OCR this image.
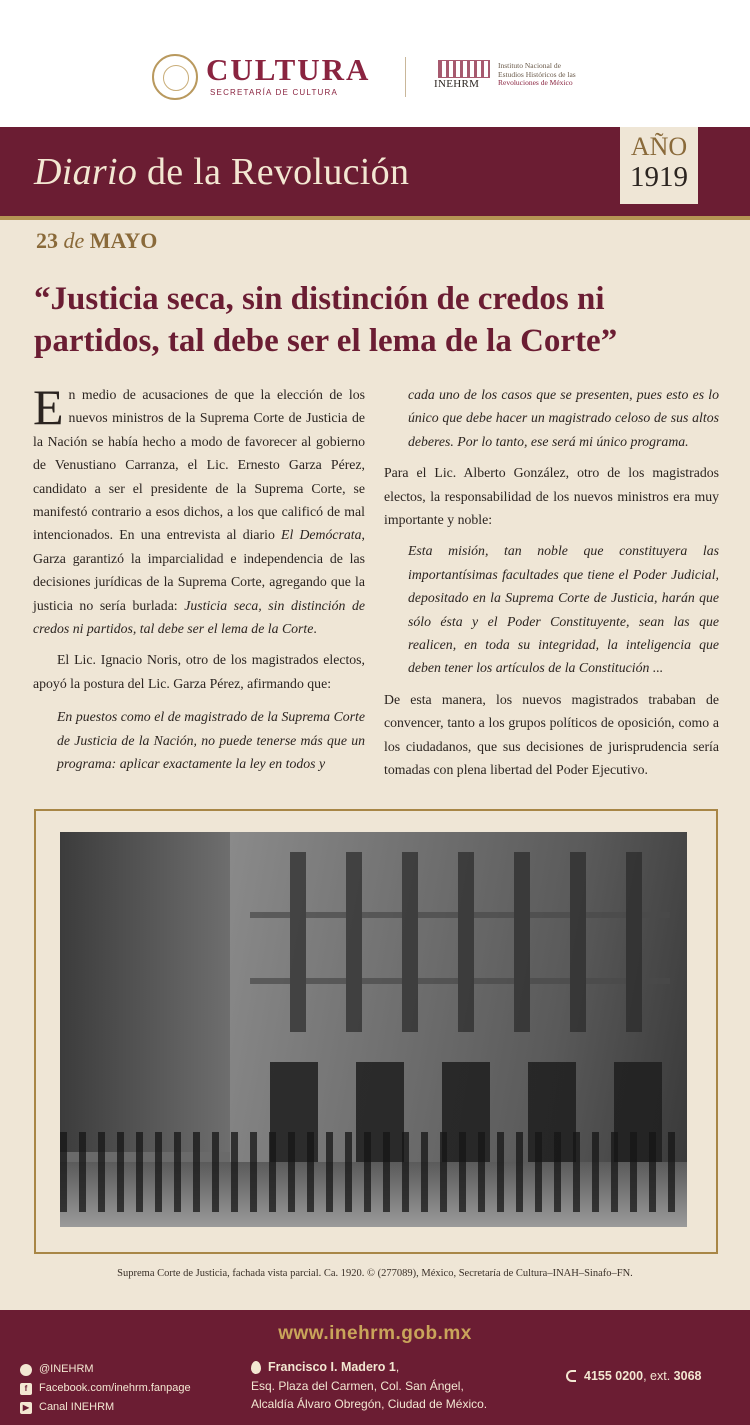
CULTURA
SECRETARÍA DE CULTURA
INEHRM
Instituto Nacional de
Estudios Históricos de las
Revoluciones de México
Diario de la Revolución
AÑO
1919
23 de MAYO
“Justicia seca, sin distinción de credos ni partidos, tal debe ser el lema de la Corte”

En medio de acusaciones de que la elección de los nuevos ministros de la Suprema Corte de Justicia de la Nación se había hecho a modo de favorecer al gobierno de Venustiano Carranza, el Lic. Ernesto Garza Pérez, candidato a ser el presidente de la Suprema Corte, se manifestó contrario a esos dichos, a los que calificó de mal intencionados. En una entrevista al diario El Demócrata, Garza garantizó la imparcialidad e independencia de las decisiones jurídicas de la Suprema Corte, agregando que la justicia no sería burlada: Justicia seca, sin distinción de credos ni partidos, tal debe ser el lema de la Corte.

El Lic. Ignacio Noris, otro de los magistrados electos, apoyó la postura del Lic. Garza Pérez, afirmando que:

En puestos como el de magistrado de la Suprema Corte de Justicia de la Nación, no puede tenerse más que un programa: aplicar exactamente la ley en todos y

cada uno de los casos que se presenten, pues esto es lo único que debe hacer un magistrado celoso de sus altos deberes. Por lo tanto, ese será mi único programa.

Para el Lic. Alberto González, otro de los magistrados electos, la responsabilidad de los nuevos ministros era muy importante y noble:

Esta misión, tan noble que constituyera las importantísimas facultades que tiene el Poder Judicial, depositado en la Suprema Corte de Justicia, harán que sólo ésta y el Poder Constituyente, sean las que realicen, en toda su integridad, la inteligencia que deben tener los artículos de la Constitución ...

De esta manera, los nuevos magistrados trababan de convencer, tanto a los grupos políticos de oposición, como a los ciudadanos, que sus decisiones de jurisprudencia sería tomadas con plena libertad del Poder Ejecutivo.

Suprema Corte de Justicia, fachada vista parcial. Ca. 1920. © (277089), México, Secretaría de Cultura–INAH–Sinafo–FN.
www.inehrm.gob.mx
@INEHRM
f	Facebook.com/inehrm.fanpage
▶ Canal INEHRM
Francisco I. Madero 1,
Esq. Plaza del Carmen, Col. San Ángel,
Alcaldía Álvaro Obregón, Ciudad de México.
4155 0200, ext. 3068
